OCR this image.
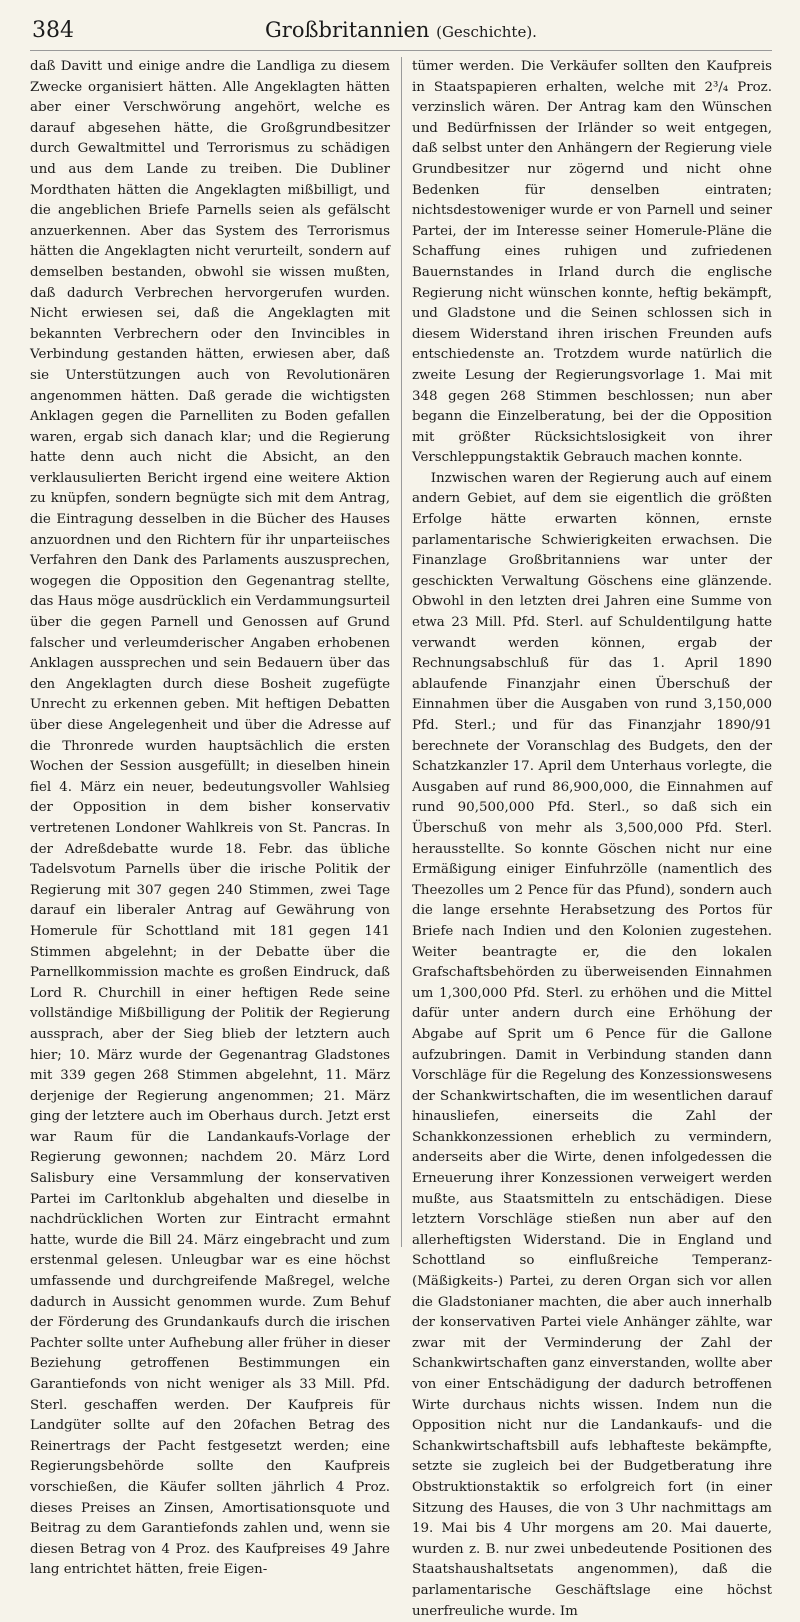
384	Großbritannien (Geschichte).

daß Davitt und einige andre die Landliga zu diesem Zwecke organisiert hätten. Alle Angeklagten hätten aber einer Verschwörung angehört, welche es darauf abgesehen hätte, die Großgrundbesitzer durch Gewaltmittel und Terrorismus zu schädigen und aus dem Lande zu treiben. Die Dubliner Mordthaten hätten die Angeklagten mißbilligt, und die angeblichen Briefe Parnells seien als gefälscht anzuerkennen. Aber das System des Terrorismus hätten die Angeklagten nicht verurteilt, sondern auf demselben bestanden, obwohl sie wissen mußten, daß dadurch Verbrechen hervorgerufen wurden. Nicht erwiesen sei, daß die Angeklagten mit bekannten Verbrechern oder den Invincibles in Verbindung gestanden hätten, erwiesen aber, daß sie Unterstützungen auch von Revolutionären angenommen hätten. Daß gerade die wichtigsten Anklagen gegen die Parnelliten zu Boden gefallen waren, ergab sich danach klar; und die Regierung hatte denn auch nicht die Absicht, an den verklausulierten Bericht irgend eine weitere Aktion zu knüpfen, sondern begnügte sich mit dem Antrag, die Eintragung desselben in die Bücher des Hauses anzuordnen und den Richtern für ihr unparteiisches Verfahren den Dank des Parlaments auszusprechen, wogegen die Opposition den Gegenantrag stellte, das Haus möge ausdrücklich ein Verdammungsurteil über die gegen Parnell und Genossen auf Grund falscher und verleumderischer Angaben erhobenen Anklagen aussprechen und sein Bedauern über das den Angeklagten durch diese Bosheit zugefügte Unrecht zu erkennen geben. Mit heftigen Debatten über diese Angelegenheit und über die Adresse auf die Thronrede wurden hauptsächlich die ersten Wochen der Session ausgefüllt; in dieselben hinein fiel 4. März ein neuer, bedeutungsvoller Wahlsieg der Opposition in dem bisher konservativ vertretenen Londoner Wahlkreis von St. Pancras. In der Adreßdebatte wurde 18. Febr. das übliche Tadelsvotum Parnells über die irische Politik der Regierung mit 307 gegen 240 Stimmen, zwei Tage darauf ein liberaler Antrag auf Gewährung von Homerule für Schottland mit 181 gegen 141 Stimmen abgelehnt; in der Debatte über die Parnellkommission machte es großen Eindruck, daß Lord R. Churchill in einer heftigen Rede seine vollständige Mißbilligung der Politik der Regierung aussprach, aber der Sieg blieb der letztern auch hier; 10. März wurde der Gegenantrag Gladstones mit 339 gegen 268 Stimmen abgelehnt, 11. März derjenige der Regierung angenommen; 21. März ging der letztere auch im Oberhaus durch. Jetzt erst war Raum für die Landankaufs-Vorlage der Regierung gewonnen; nachdem 20. März Lord Salisbury eine Versammlung der konservativen Partei im Carltonklub abgehalten und dieselbe in nachdrücklichen Worten zur Eintracht ermahnt hatte, wurde die Bill 24. März eingebracht und zum erstenmal gelesen. Unleugbar war es eine höchst umfassende und durchgreifende Maßregel, welche dadurch in Aussicht genommen wurde. Zum Behuf der Förderung des Grundankaufs durch die irischen Pachter sollte unter Aufhebung aller früher in dieser Beziehung getroffenen Bestimmungen ein Garantiefonds von nicht weniger als 33 Mill. Pfd. Sterl. geschaffen werden. Der Kaufpreis für Landgüter sollte auf den 20fachen Betrag des Reinertrags der Pacht festgesetzt werden; eine Regierungsbehörde sollte den Kaufpreis vorschießen, die Käufer sollten jährlich 4 Proz. dieses Preises an Zinsen, Amortisationsquote und Beitrag zu dem Garantiefonds zahlen und, wenn sie diesen Betrag von 4 Proz. des Kaufpreises 49 Jahre lang entrichtet hätten, freie Eigen-

tümer werden. Die Verkäufer sollten den Kaufpreis in Staatspapieren erhalten, welche mit 2³/₄ Proz. verzinslich wären. Der Antrag kam den Wünschen und Bedürfnissen der Irländer so weit entgegen, daß selbst unter den Anhängern der Regierung viele Grundbesitzer nur zögernd und nicht ohne Bedenken für denselben eintraten; nichtsdestoweniger wurde er von Parnell und seiner Partei, der im Interesse seiner Homerule-Pläne die Schaffung eines ruhigen und zufriedenen Bauernstandes in Irland durch die englische Regierung nicht wünschen konnte, heftig bekämpft, und Gladstone und die Seinen schlossen sich in diesem Widerstand ihren irischen Freunden aufs entschiedenste an. Trotzdem wurde natürlich die zweite Lesung der Regierungsvorlage 1. Mai mit 348 gegen 268 Stimmen beschlossen; nun aber begann die Einzelberatung, bei der die Opposition mit größter Rücksichtslosigkeit von ihrer Verschleppungstaktik Gebrauch machen konnte.

Inzwischen waren der Regierung auch auf einem andern Gebiet, auf dem sie eigentlich die größten Erfolge hätte erwarten können, ernste parlamentarische Schwierigkeiten erwachsen. Die Finanzlage Großbritanniens war unter der geschickten Verwaltung Göschens eine glänzende. Obwohl in den letzten drei Jahren eine Summe von etwa 23 Mill. Pfd. Sterl. auf Schuldentilgung hatte verwandt werden können, ergab der Rechnungsabschluß für das 1. April 1890 ablaufende Finanzjahr einen Überschuß der Einnahmen über die Ausgaben von rund 3,150,000 Pfd. Sterl.; und für das Finanzjahr 1890/91 berechnete der Voranschlag des Budgets, den der Schatzkanzler 17. April dem Unterhaus vorlegte, die Ausgaben auf rund 86,900,000, die Einnahmen auf rund 90,500,000 Pfd. Sterl., so daß sich ein Überschuß von mehr als 3,500,000 Pfd. Sterl. herausstellte. So konnte Göschen nicht nur eine Ermäßigung einiger Einfuhrzölle (namentlich des Theezolles um 2 Pence für das Pfund), sondern auch die lange ersehnte Herabsetzung des Portos für Briefe nach Indien und den Kolonien zugestehen. Weiter beantragte er, die den lokalen Grafschaftsbehörden zu überweisenden Einnahmen um 1,300,000 Pfd. Sterl. zu erhöhen und die Mittel dafür unter andern durch eine Erhöhung der Abgabe auf Sprit um 6 Pence für die Gallone aufzubringen. Damit in Verbindung standen dann Vorschläge für die Regelung des Konzessionswesens der Schankwirtschaften, die im wesentlichen darauf hinausliefen, einerseits die Zahl der Schankkonzessionen erheblich zu vermindern, anderseits aber die Wirte, denen infolgedessen die Erneuerung ihrer Konzessionen verweigert werden mußte, aus Staatsmitteln zu entschädigen. Diese letztern Vorschläge stießen nun aber auf den allerheftigsten Widerstand. Die in England und Schottland so einflußreiche Temperanz-(Mäßigkeits-) Partei, zu deren Organ sich vor allen die Gladstonianer machten, die aber auch innerhalb der konservativen Partei viele Anhänger zählte, war zwar mit der Verminderung der Zahl der Schankwirtschaften ganz einverstanden, wollte aber von einer Entschädigung der dadurch betroffenen Wirte durchaus nichts wissen. Indem nun die Opposition nicht nur die Landankaufs- und die Schankwirtschaftsbill aufs lebhafteste bekämpfte, setzte sie zugleich bei der Budgetberatung ihre Obstruktionstaktik so erfolgreich fort (in einer Sitzung des Hauses, die von 3 Uhr nachmittags am 19. Mai bis 4 Uhr morgens am 20. Mai dauerte, wurden z. B. nur zwei unbedeutende Positionen des Staatshaushaltsetats angenommen), daß die parlamentarische Geschäftslage eine höchst unerfreuliche wurde. Im
